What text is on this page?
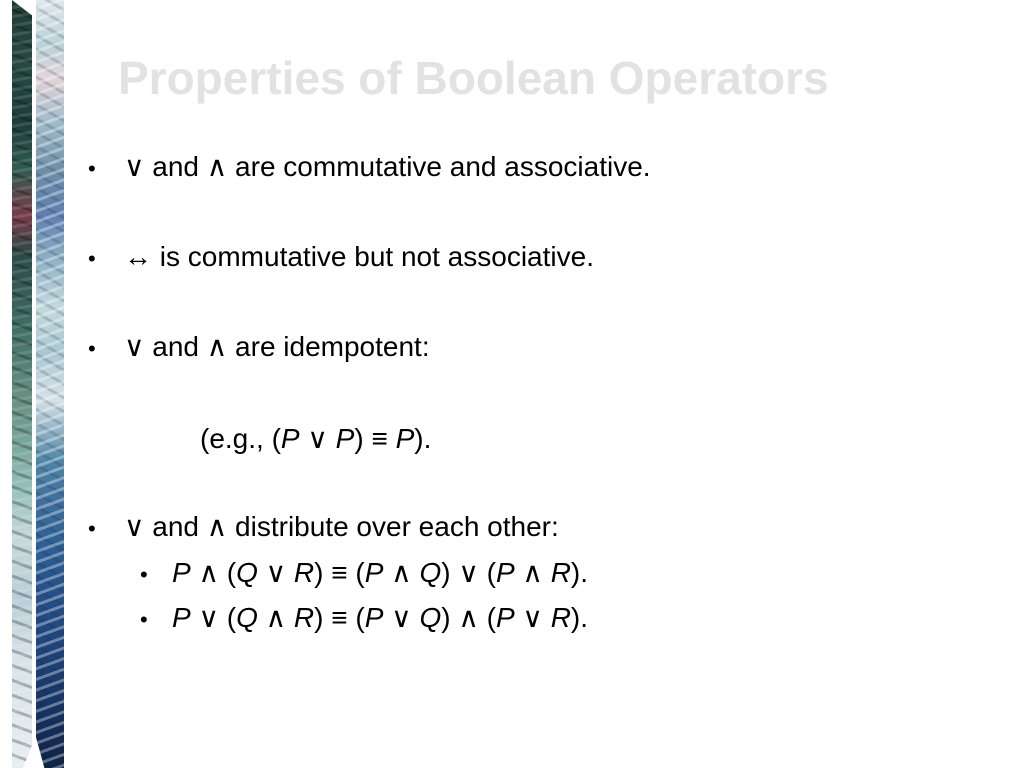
Properties of Boolean Operators
• ∨ and ∧ are commutative and associative.
• ↔ is commutative but not associative.
• ∨ and ∧ are idempotent:
(e.g., (P ∨ P) ≡ P).
• ∨ and ∧ distribute over each other:
• P ∧ (Q ∨ R) ≡ (P ∧ Q) ∨ (P ∧ R).
• P ∨ (Q ∧ R) ≡ (P ∨ Q) ∧ (P ∨ R).
